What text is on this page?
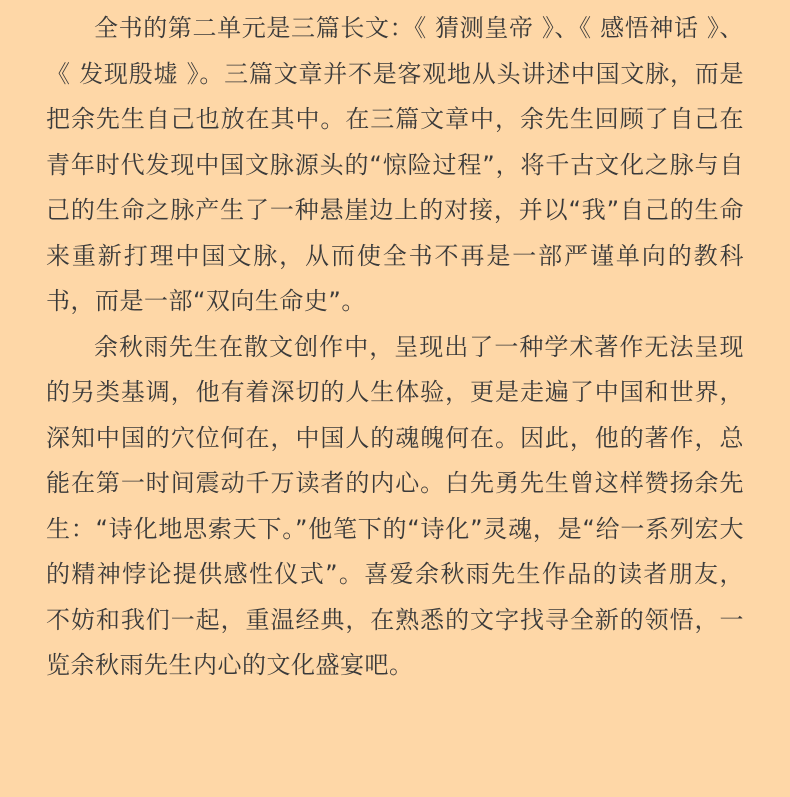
全书的第二单元是三篇长文：《 猜测皇帝 》、《 感悟神话 》、《 发现殷墟 》。三篇文章并不是客观地从头讲述中国文脉，而是把余先生自己也放在其中。在三篇文章中，余先生回顾了自己在青年时代发现中国文脉源头的“惊险过程”，将千古文化之脉与自己的生命之脉产生了一种悬崖边上的对接，并以“我”自己的生命来重新打理中国文脉，从而使全书不再是一部严谨单向的教科书，而是一部“双向生命史”。

余秋雨先生在散文创作中，呈现出了一种学术著作无法呈现的另类基调，他有着深切的人生体验，更是走遍了中国和世界，深知中国的穴位何在，中国人的魂魄何在。因此，他的著作，总能在第一时间震动千万读者的内心。白先勇先生曾这样赞扬余先生：“诗化地思索天下。”他笔下的“诗化”灵魂，是“给一系列宏大的精神悖论提供感性仪式”。喜爱余秋雨先生作品的读者朋友，不妨和我们一起，重温经典，在熟悉的文字找寻全新的领悟，一览余秋雨先生内心的文化盛宴吧。
